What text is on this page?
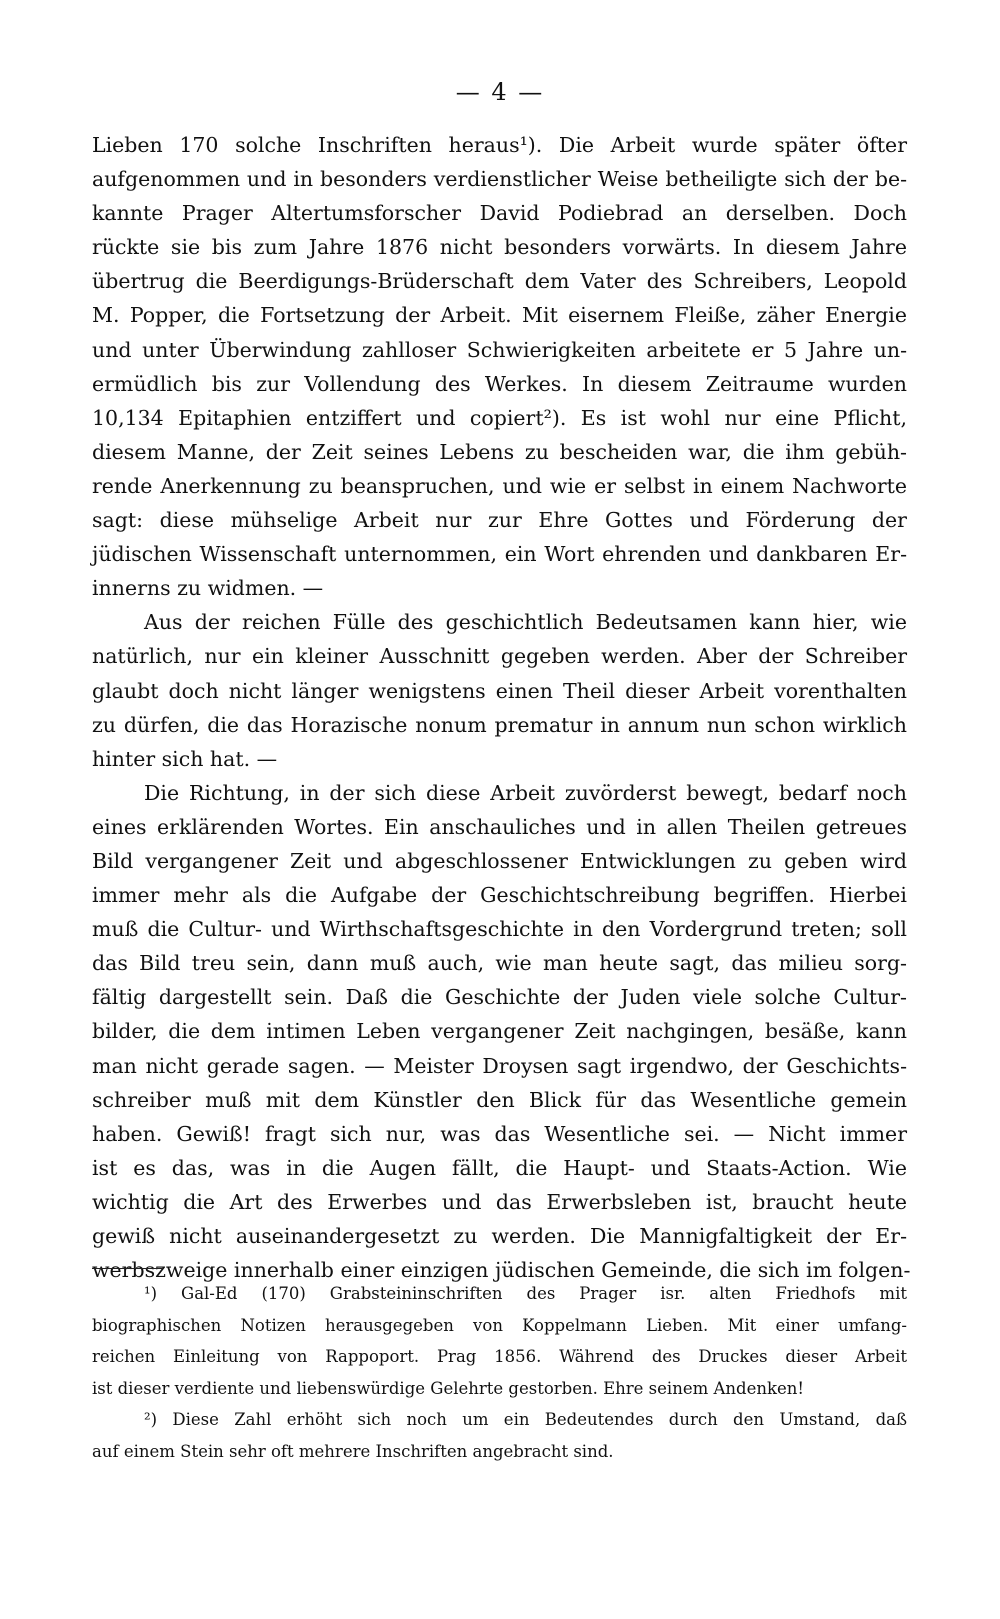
— 4 —
Lieben 170 solche Inschriften heraus¹). Die Arbeit wurde später öfter
aufgenommen und in besonders verdienstlicher Weise betheiligte sich der be-
kannte Prager Altertumsforscher David Podiebrad an derselben. Doch
rückte sie bis zum Jahre 1876 nicht besonders vorwärts. In diesem Jahre
übertrug die Beerdigungs-Brüderschaft dem Vater des Schreibers, Leopold
M. Popper, die Fortsetzung der Arbeit. Mit eisernem Fleiße, zäher Energie
und unter Überwindung zahlloser Schwierigkeiten arbeitete er 5 Jahre un-
ermüdlich bis zur Vollendung des Werkes. In diesem Zeitraume wurden
10,134 Epitaphien entziffert und copiert²). Es ist wohl nur eine Pflicht,
diesem Manne, der Zeit seines Lebens zu bescheiden war, die ihm gebüh-
rende Anerkennung zu beanspruchen, und wie er selbst in einem Nachworte
sagt: diese mühselige Arbeit nur zur Ehre Gottes und Förderung der
jüdischen Wissenschaft unternommen, ein Wort ehrenden und dankbaren Er-
innerns zu widmen. —
Aus der reichen Fülle des geschichtlich Bedeutsamen kann hier, wie
natürlich, nur ein kleiner Ausschnitt gegeben werden. Aber der Schreiber
glaubt doch nicht länger wenigstens einen Theil dieser Arbeit vorenthalten
zu dürfen, die das Horazische nonum prematur in annum nun schon wirklich
hinter sich hat. —
Die Richtung, in der sich diese Arbeit zuvörderst bewegt, bedarf noch
eines erklärenden Wortes. Ein anschauliches und in allen Theilen getreues
Bild vergangener Zeit und abgeschlossener Entwicklungen zu geben wird
immer mehr als die Aufgabe der Geschichtschreibung begriffen. Hierbei
muß die Cultur- und Wirthschaftsgeschichte in den Vordergrund treten; soll
das Bild treu sein, dann muß auch, wie man heute sagt, das milieu sorg-
fältig dargestellt sein. Daß die Geschichte der Juden viele solche Cultur-
bilder, die dem intimen Leben vergangener Zeit nachgingen, besäße, kann
man nicht gerade sagen. — Meister Droysen sagt irgendwo, der Geschichts-
schreiber muß mit dem Künstler den Blick für das Wesentliche gemein
haben. Gewiß! fragt sich nur, was das Wesentliche sei. — Nicht immer
ist es das, was in die Augen fällt, die Haupt- und Staats-Action. Wie
wichtig die Art des Erwerbes und das Erwerbsleben ist, braucht heute
gewiß nicht auseinandergesetzt zu werden. Die Mannigfaltigkeit der Er-
werbszweige innerhalb einer einzigen jüdischen Gemeinde, die sich im folgen-
¹) Gal-Ed (170) Grabsteininschriften des Prager isr. alten Friedhofs mit
biographischen Notizen herausgegeben von Koppelmann Lieben. Mit einer umfang-
reichen Einleitung von Rappoport. Prag 1856. Während des Druckes dieser Arbeit
ist dieser verdiente und liebenswürdige Gelehrte gestorben. Ehre seinem Andenken!
²) Diese Zahl erhöht sich noch um ein Bedeutendes durch den Umstand, daß
auf einem Stein sehr oft mehrere Inschriften angebracht sind.
